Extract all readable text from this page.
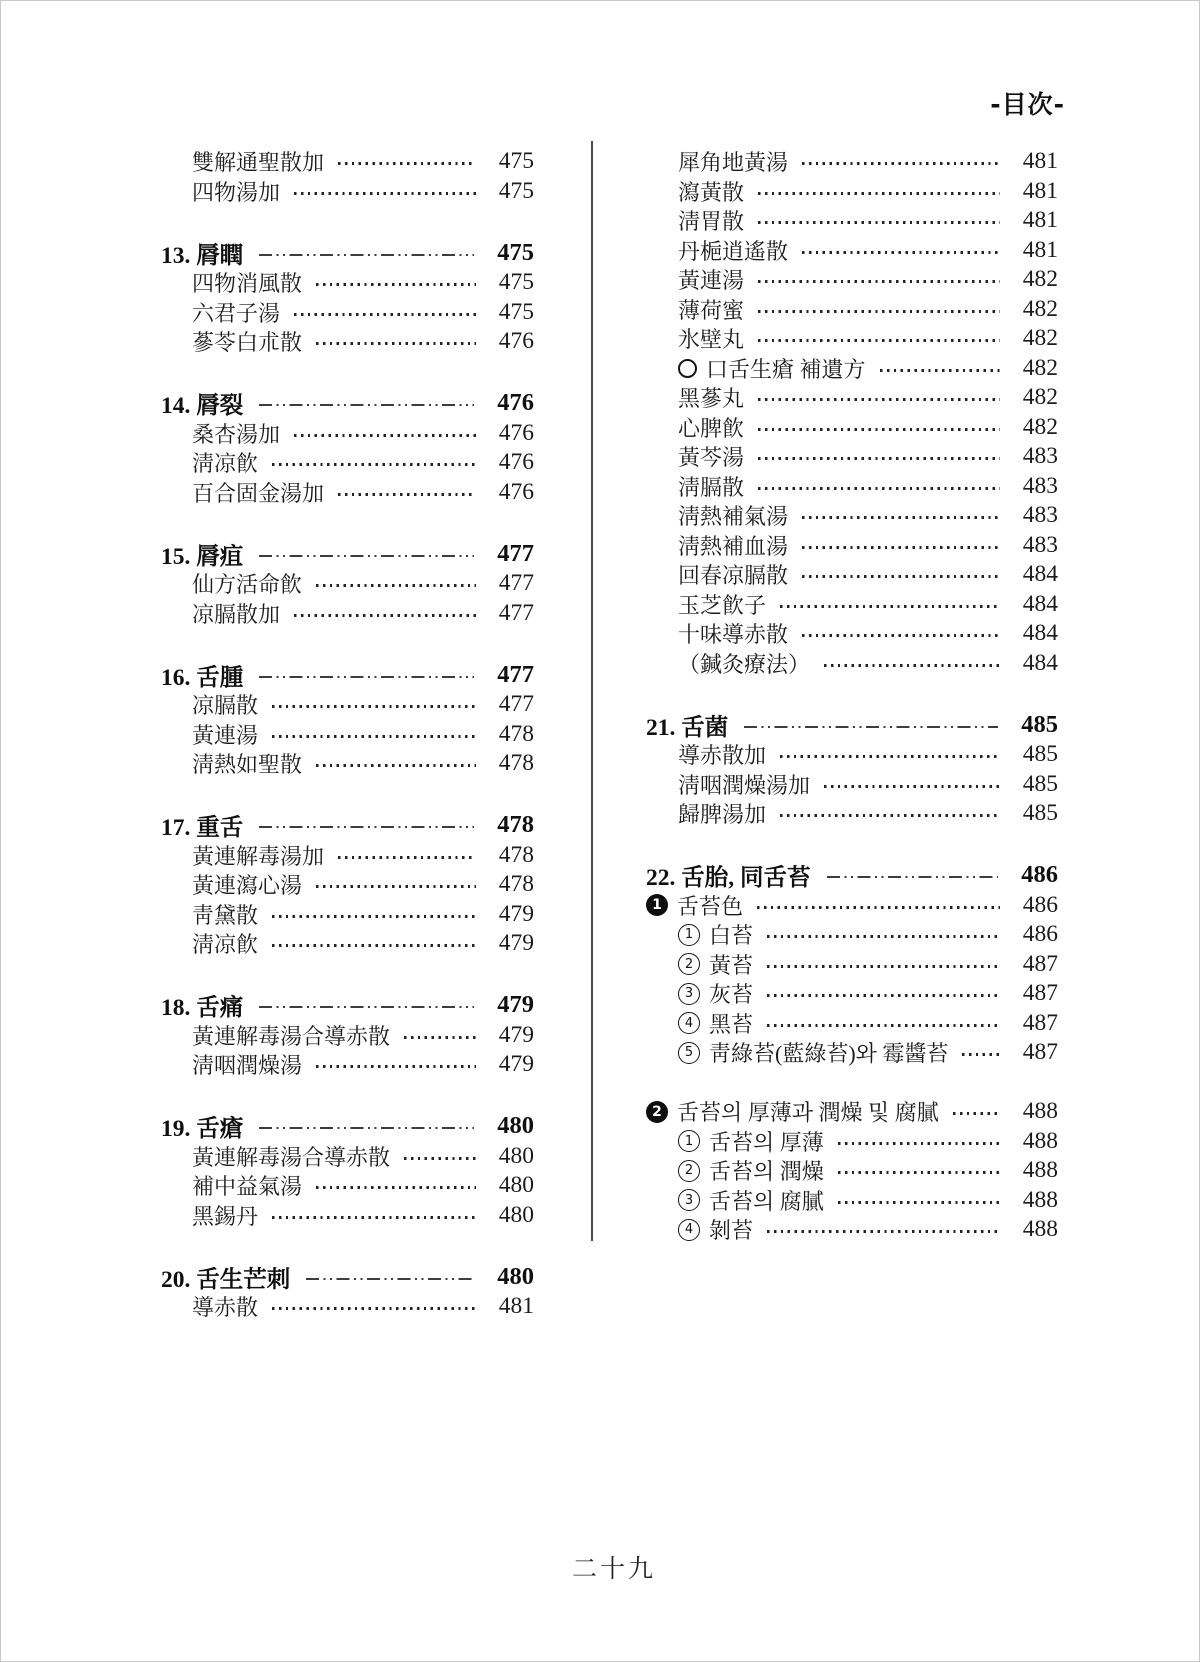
-目次-
雙解通聖散加	475
四物湯加	475
13. 脣瞤	475
四物消風散	475
六君子湯	475
蔘苓白朮散	476
14. 脣裂	476
桑杏湯加	476
淸凉飮	476
百合固金湯加	476
15. 脣疽	477
仙方活命飮	477
凉膈散加	477
16. 舌腫	477
凉膈散	477
黃連湯	478
淸熱如聖散	478
17. 重舌	478
黃連解毒湯加	478
黃連瀉心湯	478
靑黛散	479
淸凉飮	479
18. 舌痛	479
黃連解毒湯合導赤散	479
淸咽潤燥湯	479
19. 舌瘡	480
黃連解毒湯合導赤散	480
補中益氣湯	480
黑錫丹	480
20. 舌生芒刺	480
導赤散	481
犀角地黃湯	481
瀉黃散	481
淸胃散	481
丹梔逍遙散	481
黃連湯	482
薄荷蜜	482
氷壁丸	482
口舌生瘡 補遺方	482
黑蔘丸	482
心脾飮	482
黃芩湯	483
淸膈散	483
淸熱補氣湯	483
淸熱補血湯	483
回春凉膈散	484
玉芝飮子	484
十味導赤散	484
（鍼灸療法）	484
21. 舌菌	485
導赤散加	485
淸咽潤燥湯加	485
歸脾湯加	485
22. 舌胎, 同舌苔	486
1 舌苔色	486
1 白苔	486
2 黃苔	487
3 灰苔	487
4 黑苔	487
5 靑綠苔(藍綠苔)와 霉醬苔	487
2 舌苔의 厚薄과 潤燥 및 腐膩	488
1 舌苔의 厚薄	488
2 舌苔의 潤燥	488
3 舌苔의 腐膩	488
4 剝苔	488
二十九
